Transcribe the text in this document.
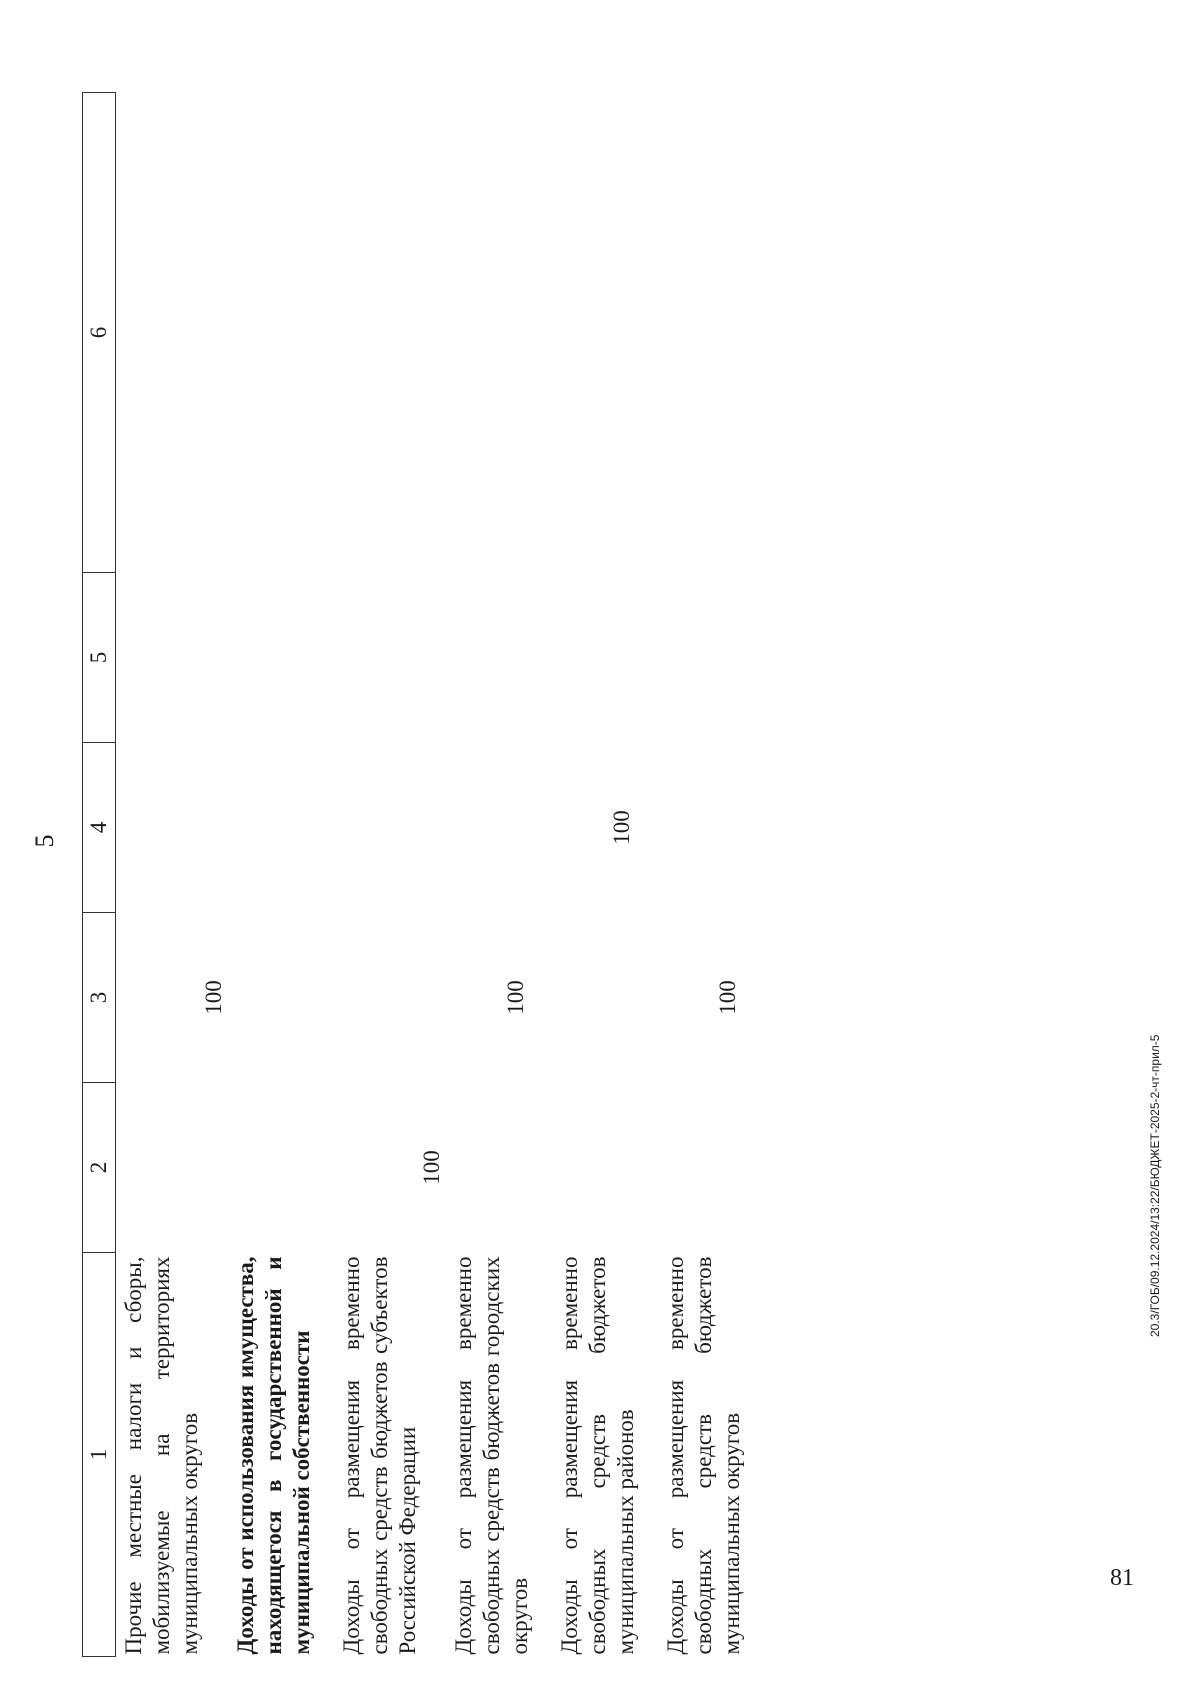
5
1	2	3	4	5	6
Прочие местные налоги и сборы, мобилизуемые на территориях муниципальных округов		100			
Доходы от использования имущества, находящегося в государственной и муниципальной собственности					
Доходы от размещения временно свободных средств бюджетов субъектов Российской Федерации	100				
Доходы от размещения временно свободных средств бюджетов городских округов		100			
Доходы от размещения временно свободных средств бюджетов муниципальных районов			100		
Доходы от размещения временно свободных средств бюджетов муниципальных округов		100			
20.3/ГОБ/09.12.2024/13:22/БЮДЖЕТ-2025-2-чт-прил-5
81
